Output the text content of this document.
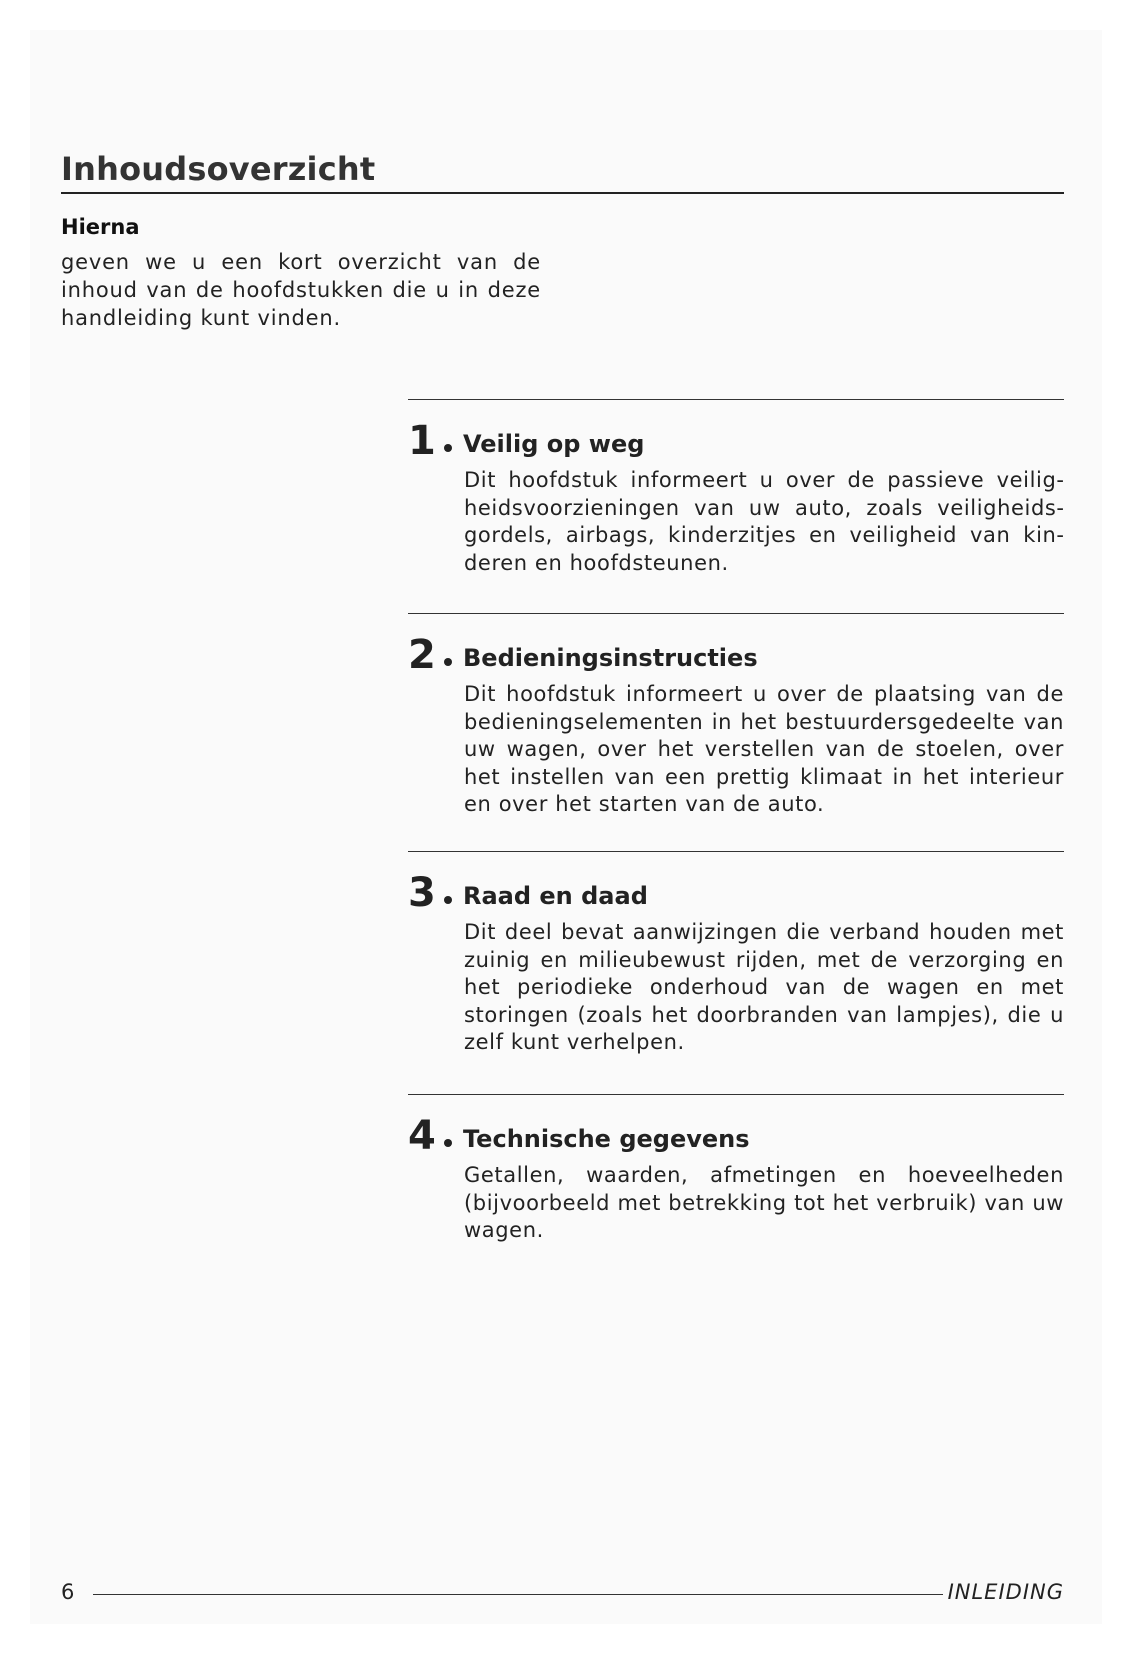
Inhoudsoverzicht
Hierna
geven we u een kort overzicht van de inhoud van de hoofdstukken die u in deze handleiding kunt vinden.
1 Veilig op weg
Dit hoofdstuk informeert u over de passieve veiligheidsvoorzieningen van uw auto, zoals veiligheidsgordels, airbags, kinderzitjes en veiligheid van kinderen en hoofdsteunen.
2 Bedieningsinstructies
Dit hoofdstuk informeert u over de plaatsing van de bedieningselementen in het bestuurdersgedeelte van uw wagen, over het verstellen van de stoelen, over het instellen van een prettig klimaat in het interieur en over het starten van de auto.
3 Raad en daad
Dit deel bevat aanwijzingen die verband houden met zuinig en milieubewust rijden, met de verzorging en het periodieke onderhoud van de wagen en met storingen (zoals het doorbranden van lampjes), die u zelf kunt verhelpen.
4 Technische gegevens
Getallen, waarden, afmetingen en hoeveelheden (bijvoorbeeld met betrekking tot het verbruik) van uw wagen.
6	INLEIDING
